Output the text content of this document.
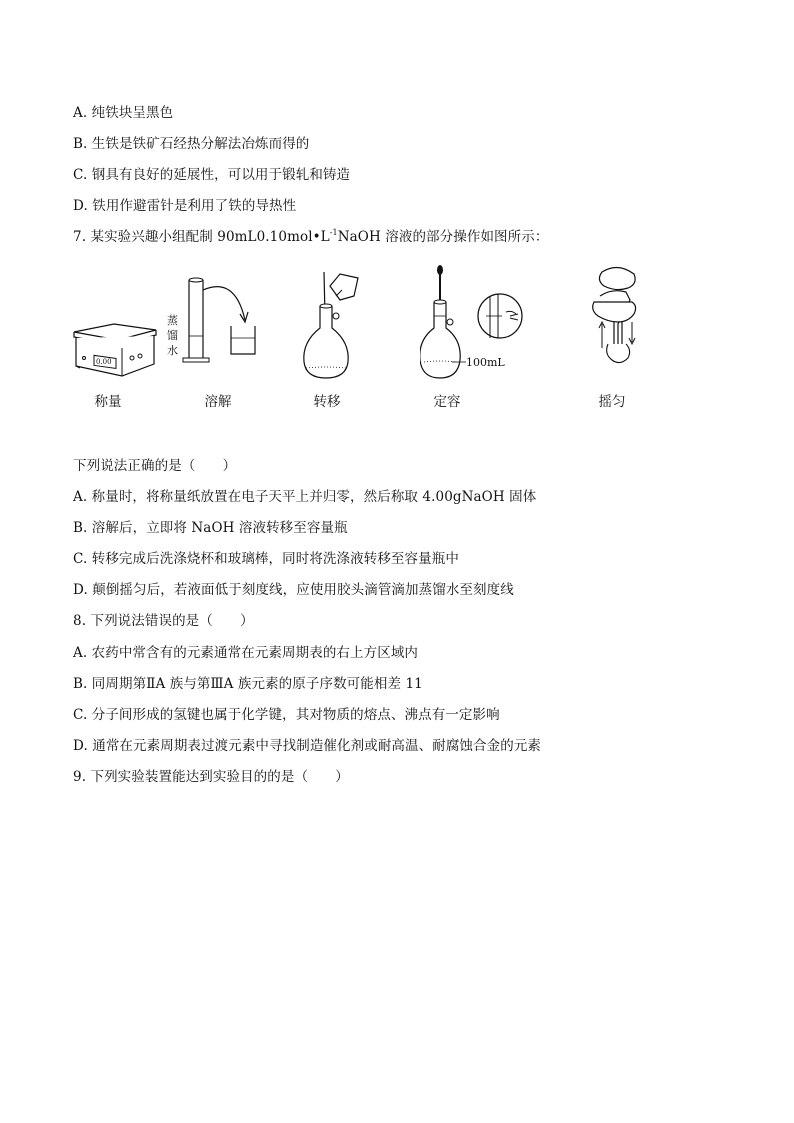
A. 纯铁块呈黑色
B. 生铁是铁矿石经热分解法冶炼而得的
C. 钢具有良好的延展性，可以用于锻轧和铸造
D. 铁用作避雷针是利用了铁的导热性
7. 某实验兴趣小组配制 $90mL0.10mol•L^{-1}NaOH$ 溶液的部分操作如图所示：
0.00
蒸
馏
水
100mL
称量	溶解	转移	定容	摇匀
下列说法正确的是（　　）
A. 称量时，将称量纸放置在电子天平上并归零，然后称取 4.00gNaOH 固体
B. 溶解后，立即将 NaOH 溶液转移至容量瓶
C. 转移完成后洗涤烧杯和玻璃棒，同时将洗涤液转移至容量瓶中
D. 颠倒摇匀后，若液面低于刻度线，应使用胶头滴管滴加蒸馏水至刻度线
8. 下列说法错误的是（　　）
A. 农药中常含有的元素通常在元素周期表的右上方区域内
B. 同周期第ⅡA 族与第ⅢA 族元素的原子序数可能相差 11
C. 分子间形成的氢键也属于化学键，其对物质的熔点、沸点有一定影响
D. 通常在元素周期表过渡元素中寻找制造催化剂或耐高温、耐腐蚀合金的元素
9. 下列实验装置能达到实验目的的是（　　）
